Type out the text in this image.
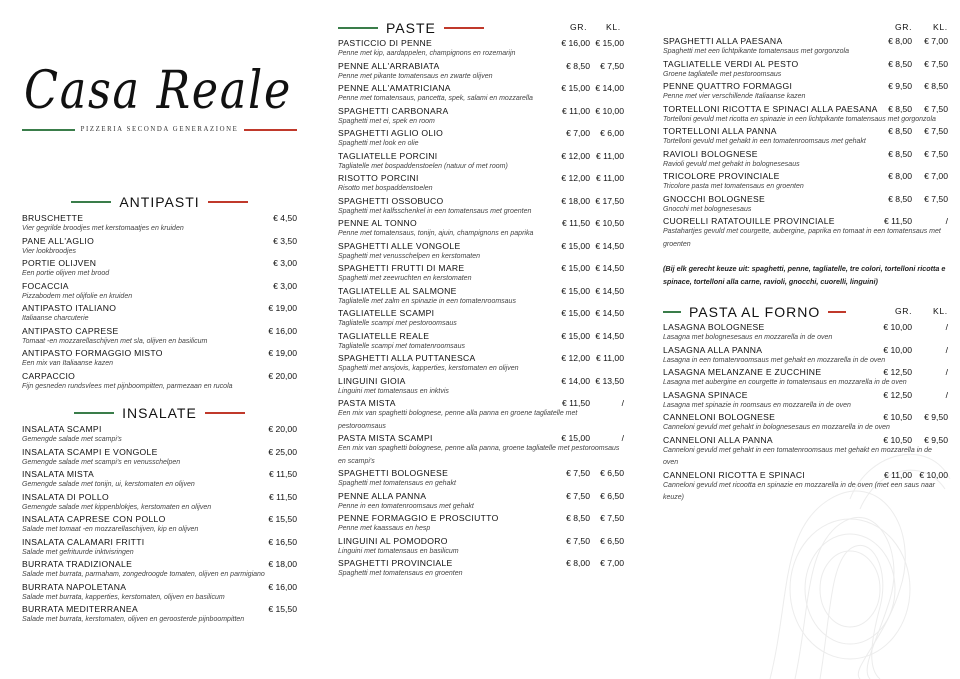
Casa Reale
PIZZERIA SECONDA GENERAZIONE
ANTIPASTI
BRUSCHETTE	€ 4,50
Vier gegrilde broodjes met kerstomaatjes en kruiden
PANE ALL'AGLIO	€ 3,50
Vier lookbroodjes
PORTIE OLIJVEN	€ 3,00
Een portie olijven met brood
FOCACCIA	€ 3,00
Pizzabodem met olijfolie en kruiden
ANTIPASTO ITALIANO	€ 19,00
Italiaanse charcuterie
ANTIPASTO CAPRESE	€ 16,00
Tomaat -en mozzarellaschijven met sla, olijven en basilicum
ANTIPASTO FORMAGGIO MISTO	€ 19,00
Een mix van Italiaanse kazen
CARPACCIO	€ 20,00
Fijn gesneden rundsvlees met pijnboompitten, parmezaan en rucola
INSALATE
INSALATA SCAMPI	€ 20,00
Gemengde salade met scampi's
INSALATA SCAMPI E VONGOLE	€ 25,00
Gemengde salade met scampi's en venusschelpen
INSALATA MISTA	€ 11,50
Gemengde salade met tonijn, ui, kerstomaten en olijven
INSALATA DI POLLO	€ 11,50
Gemengde salade met kippenblokjes, kerstomaten en olijven
INSALATA CAPRESE CON POLLO	€ 15,50
Salade met tomaat -en mozzarellaschijven, kip en olijven
INSALATA CALAMARI FRITTI	€ 16,50
Salade met gefrituurde inktvisringen
BURRATA TRADIZIONALE	€ 18,00
Salade met burrata, parmaham, zongedroogde tomaten, olijven en parmigiano
BURRATA NAPOLETANA	€ 16,00
Salade met burrata, kapperties, kerstomaten, olijven en basilicum
BURRATA MEDITERRANEA	€ 15,50
Salade met burrata, kerstomaten, olijven en geroosterde pijnboompitten
PASTE	GR. KL.
PASTICCIO DI PENNE	€ 16,00 € 15,00
Penne met kip, aardappelen, champignons en rozemarijn
PENNE ALL'ARRABIATA	€ 8,50 € 7,50
Penne met pikante tomatensaus en zwarte olijven
PENNE ALL'AMATRICIANA	€ 15,00 € 14,00
Penne met tomatensaus, pancetta, spek, salami en mozzarella
SPAGHETTI CARBONARA	€ 11,00 € 10,00
Spaghetti met ei, spek en room
SPAGHETTI AGLIO OLIO	€ 7,00 € 6,00
Spaghetti met look en olie
TAGLIATELLE PORCINI	€ 12,00 € 11,00
Tagliatelle met bospaddenstoelen (natuur of met room)
RISOTTO PORCINI	€ 12,00 € 11,00
Risotto met bospaddenstoelen
SPAGHETTI OSSOBUCO	€ 18,00 € 17,50
Spaghetti met kalfsschenkel in een tomatensaus met groenten
PENNE AL TONNO	€ 11,50 € 10,50
Penne met tomatensaus, tonijn, ajuin, champignons en paprika
SPAGHETTI ALLE VONGOLE	€ 15,00 € 14,50
Spaghetti met venusschelpen en kerstomaten
SPAGHETTI FRUTTI DI MARE	€ 15,00 € 14,50
Spaghetti met zeevruchten en kerstomaten
TAGLIATELLE AL SALMONE	€ 15,00 € 14,50
Tagliatelle met zalm en spinazie in een tomatenroomsaus
TAGLIATELLE SCAMPI	€ 15,00 € 14,50
Tagliatelle scampi met pestoroomsaus
TAGLIATELLE REALE	€ 15,00 € 14,50
Tagliatelle scampi met tomatenroomsaus
SPAGHETTI ALLA PUTTANESCA	€ 12,00 € 11,00
Spaghetti met ansjovis, kapperties, kerstomaten en olijven
LINGUINI GIOIA	€ 14,00 € 13,50
Linguini met tomatensaus en inktvis
PASTA MISTA	€ 11,50	/
Een mix van spaghetti bolognese, penne alla panna en groene tagliatelle met pestoroomsaus
PASTA MISTA SCAMPI	€ 15,00	/
Een mix van spaghetti bolognese, penne alla panna, groene tagliatelle met pestoroomsaus en scampi's
SPAGHETTI BOLOGNESE	€ 7,50 € 6,50
Spaghetti met tomatensaus en gehakt
PENNE ALLA PANNA	€ 7,50 € 6,50
Penne in een tomatenroomsaus met gehakt
PENNE FORMAGGIO E PROSCIUTTO	€ 8,50 € 7,50
Penne met kaassaus en hesp
LINGUINI AL POMODORO	€ 7,50 € 6,50
Linguini met tomatensaus en basilicum
SPAGHETTI PROVINCIALE	€ 8,00 € 7,00
Spaghetti met tomatensaus en groenten
GR. KL.
SPAGHETTI ALLA PAESANA	€ 8,00 € 7,00
Spaghetti met een lichtpikante tomatensaus met gorgonzola
TAGLIATELLE VERDI AL PESTO	€ 8,50 € 7,50
Groene tagliatelle met pestoroomsaus
PENNE QUATTRO FORMAGGI	€ 9,50 € 8,50
Penne met vier verschillende Italiaanse kazen
TORTELLONI RICOTTA E SPINACI ALLA PAESANA	€ 8,50 € 7,50
Tortelloni gevuld met ricotta en spinazie in een lichtpikante tomatensaus met gorgonzola
TORTELLONI ALLA PANNA	€ 8,50 € 7,50
Tortelloni gevuld met gehakt in een tomatenroomsaus met gehakt
RAVIOLI BOLOGNESE	€ 8,50 € 7,50
Ravioli gevuld met gehakt in bolognesesaus
TRICOLORE PROVINCIALE	€ 8,00 € 7,00
Tricolore pasta met tomatensaus en groenten
GNOCCHI BOLOGNESE	€ 8,50 € 7,50
Gnocchi met bolognesesaus
CUORELLI RATATOUILLE PROVINCIALE	€ 11,50	/
Pastahartjes gevuld met courgette, aubergine, paprika en tomaat in een tomatensaus met groenten
(Bij elk gerecht keuze uit: spaghetti, penne, tagliatelle, tre colori, tortelloni ricotta e spinace, tortelloni alla carne, ravioli, gnocchi, cuorelli, linguini)
PASTA AL FORNO	GR. KL.
LASAGNA BOLOGNESE	€ 10,00	/
Lasagna met bolognesesaus en mozzarella in de oven
LASAGNA ALLA PANNA	€ 10,00	/
Lasagna in een tomatenroomsaus met gehakt en mozzarella in de oven
LASAGNA MELANZANE E ZUCCHINE	€ 12,50	/
Lasagna met aubergine en courgette in tomatensaus en mozzarella in de oven
LASAGNA SPINACE	€ 12,50	/
Lasagna met spinazie in roomsaus en mozzarella in de oven
CANNELONI BOLOGNESE	€ 10,50 € 9,50
Canneloni gevuld met gehakt in bolognesesaus en mozzarella in de oven
CANNELONI ALLA PANNA	€ 10,50 € 9,50
Canneloni gevuld met gehakt in een tomatenroomsaus met gehakt en mozzarella in de oven
CANNELONI RICOTTA E SPINACI	€ 11,00 € 10,00
Canneloni gevuld met ricootta en spinazie en mozzarella in de oven (met een saus naar keuze)
